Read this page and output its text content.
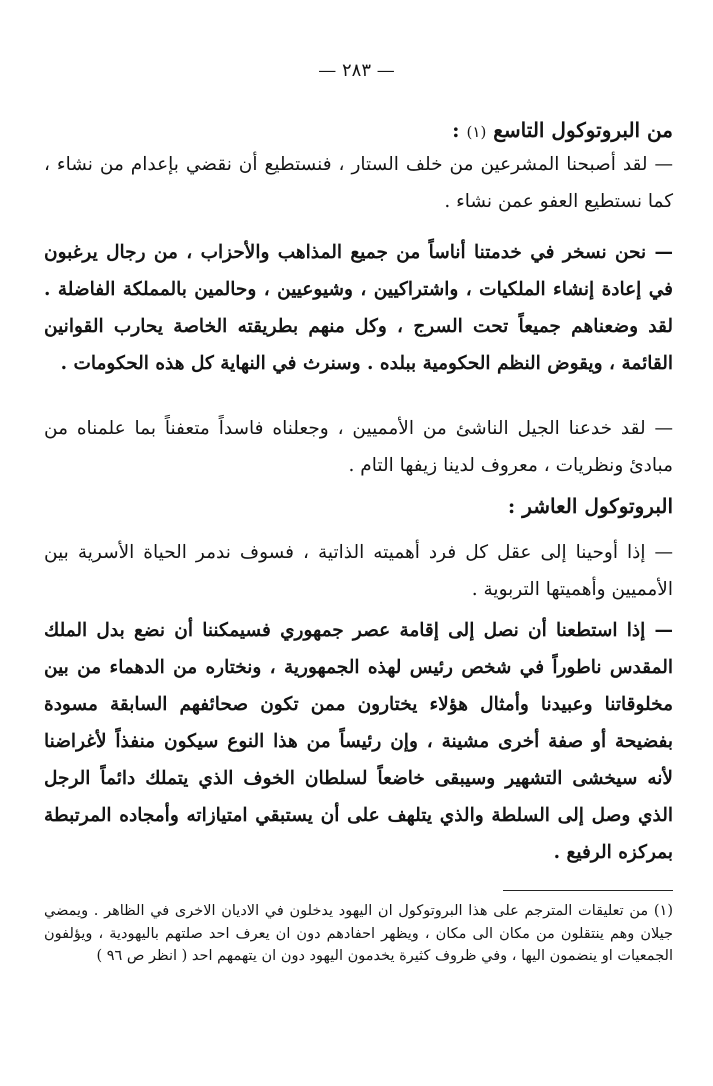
— ٢٨٣ —
من البروتوكول التاسع (١) :

— لقد أصبحنا المشرعين من خلف الستار ، فنستطيع أن نقضي بإعدام من نشاء ، كما نستطيع العفو عمن نشاء .

— نحن نسخر في خدمتنا أناساً من جميع المذاهب والأحزاب ، من رجال يرغبون في إعادة إنشاء الملكيات ، واشتراكيين ، وشيوعيين ، وحالمين بالمملكة الفاضلة . لقد وضعناهم جميعاً تحت السرج ، وكل منهم بطريقته الخاصة يحارب القوانين القائمة ، ويقوض النظم الحكومية ببلده . وسنرث في النهاية كل هذه الحكومات .

— لقد خدعنا الجيل الناشئ من الأمميين ، وجعلناه فاسداً متعفناً بما علمناه من مبادئ ونظريات ، معروف لدينا زيفها التام .

البروتوكول العاشر :

— إذا أوحينا إلى عقل كل فرد أهميته الذاتية ، فسوف ندمر الحياة الأسرية بين الأمميين وأهميتها التربوية .

— إذا استطعنا أن نصل إلى إقامة عصر جمهوري فسيمكننا أن نضع بدل الملك المقدس ناطوراً في شخص رئيس لهذه الجمهورية ، ونختاره من الدهماء من بين مخلوقاتنا وعبيدنا وأمثال هؤلاء يختارون ممن تكون صحائفهم السابقة مسودة بفضيحة أو صفة أخرى مشينة ، وإن رئيساً من هذا النوع سيكون منفذاً لأغراضنا لأنه سيخشى التشهير وسيبقى خاضعاً لسلطان الخوف الذي يتملك دائماً الرجل الذي وصل إلى السلطة والذي يتلهف على أن يستبقي امتيازاته وأمجاده المرتبطة بمركزه الرفيع .

(١) من تعليقات المترجم على هذا البروتوكول ان اليهود يدخلون في الاديان الاخرى في الظاهر . ويمضي جيلان وهم ينتقلون من مكان الى مكان ، ويظهر احفادهم دون ان يعرف احد صلتهم باليهودية ، ويؤلفون الجمعيات او ينضمون اليها ، وفي ظروف كثيرة يخدمون اليهود دون ان يتهمهم احد ( انظر ص ٩٦ )
